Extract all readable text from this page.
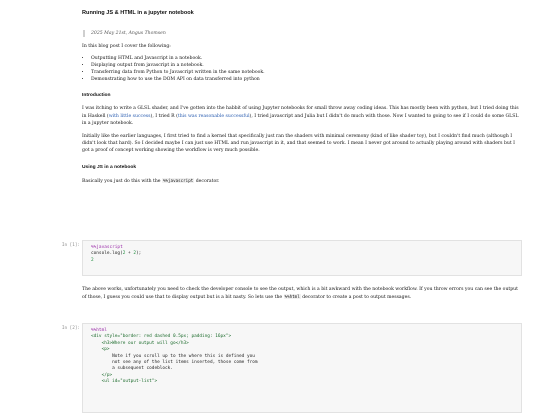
Running JS & HTML in a jupyter notebook
2025 May 21st, Angus Thomsen

In this blog post I cover the following:

• Outputting HTML and Javascript in a notebook.
• Displaying output from javascript in a notebook.
• Transferring data from Python to Javascript written in the same notebook.
• Demonstrating how to use the DOM API on data transferred into python
Introduction

I was itching to write a GLSL shader, and I've gotten into the habbit of using Jupyter notebooks for small throw away coding ideas. This has mostly been with python, but I tried doing this in Haskell (with little success), I tried R (this was reasonable successful), I tried javascript and Julia but I didn't do much with those. Now I wanted to going to see if I could do some GLSL in a jupyter notebook.

Initially like the earlier languages, I first tried to find a kernel that specifically just ran the shaders with minimal ceremony (kind of like shader toy), but I couldn't find much (although I didn't look that hard). So I decided maybe I can just use HTML and run javascript in it, and that seemed to work. I mean I never got around to actually playing around with shaders but I got a proof of concept working showing the workflow is very much possible.

Using JS in a notebook

Basically you just do this with the %%javascript decorator.

In [1]:	%%javascript
console.log(2 + 2);
2

The above works, unfortunately you need to check the developer console to see the output, which is a bit awkward with the notebook workflow. If you throw errors you can see the output of those, I guess you could use that to display output but is a bit nasty. So lets use the %%html decorator to create a post to output messages.

In [2]:	%%html
<div style="border: red dashed 0.5px; padding: 16px">
<h3>Where our output will go</h3>
<p>
Note if you scroll up to the where this is defined you
not see any of the list items inserted, those come from
a subsequent codeblock.
</p>
<ul id="output-list">
